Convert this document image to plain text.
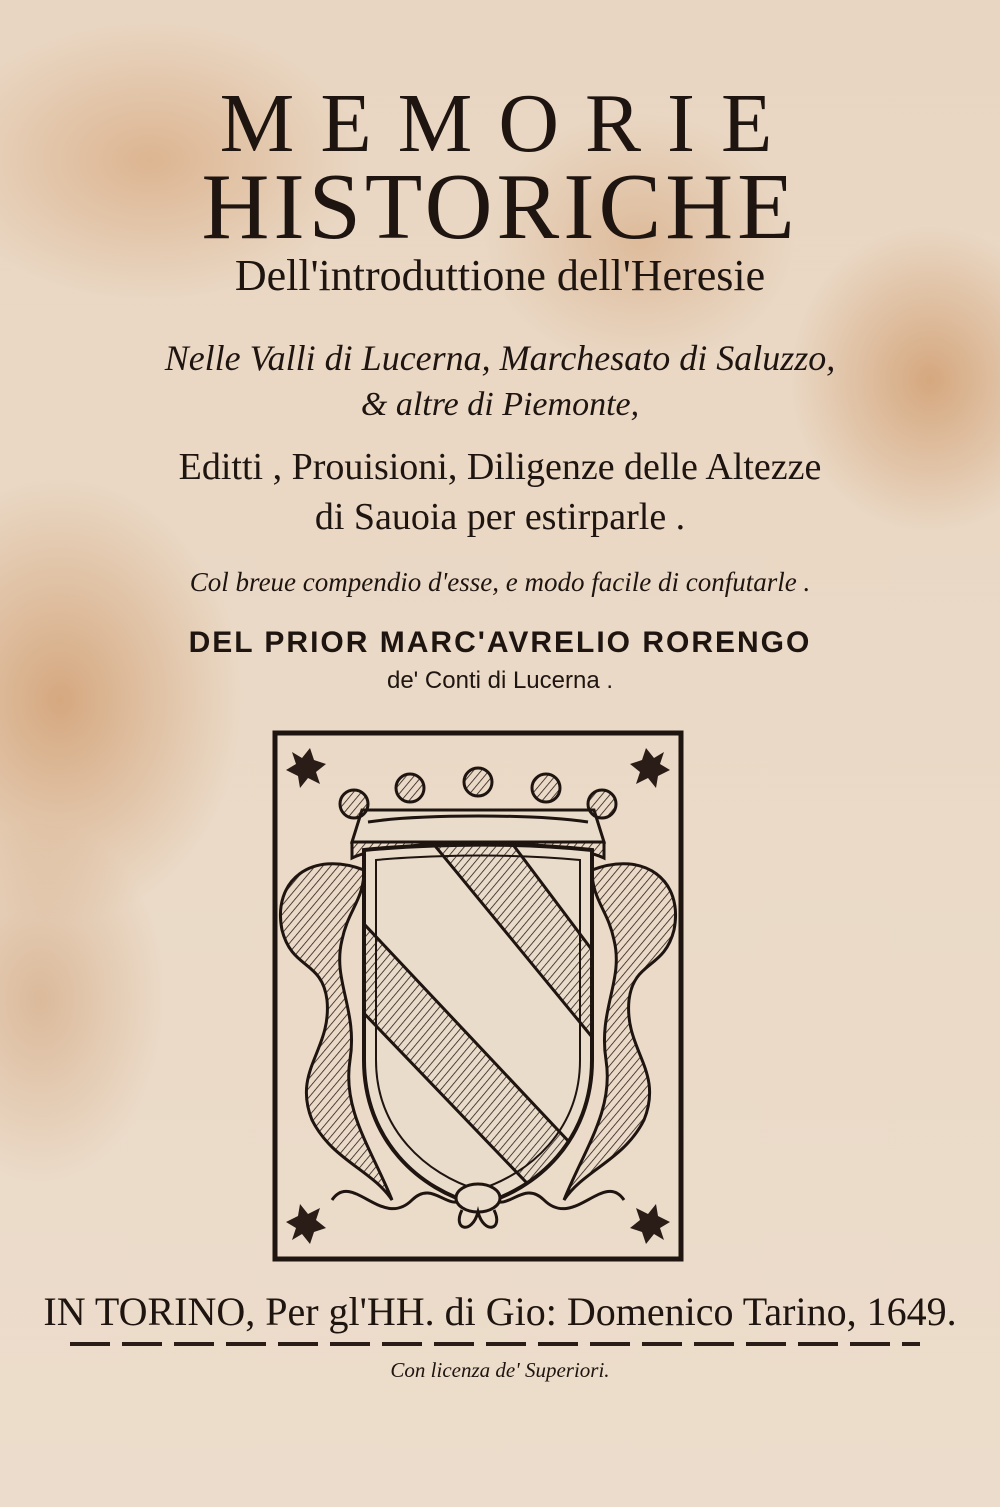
MEMORIE
HISTORICHE
Dell'introduttione dell'Heresie
Nelle Valli di Lucerna, Marchesato di Saluzzo,
& altre di Piemonte,
Editti , Prouisioni, Diligenze delle Altezze
di Sauoia per estirparle .
Col breue compendio d'esse, e modo facile di confutarle .
DEL PRIOR MARC'AVRELIO RORENGO
de' Conti di Lucerna .
IN TORINO, Per gl'HH. di Gio: Domenico Tarino, 1649.
Con licenza de' Superiori.
